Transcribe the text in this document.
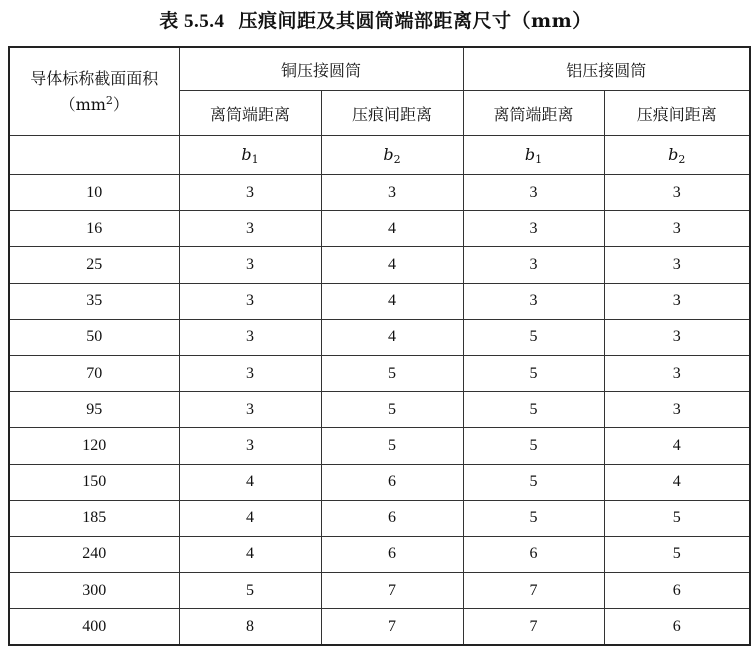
表 5.5.4 压痕间距及其圆筒端部距离尺寸（mm）
导体标称截面面积
$(mm^2)$	铜压接圆筒		铝压接圆筒	
	离筒端距离	压痕间距离	离筒端距离	压痕间距离
	$b_1$	$b_2$	$b_1$	$b_2$
10	3	3	3	3
16	3	4	3	3
25	3	4	3	3
35	3	4	3	3
50	3	4	5	3
70	3	5	5	3
95	3	5	5	3
120	3	5	5	4
150	4	6	5	4
185	4	6	5	5
240	4	6	6	5
300	5	7	7	6
400	8	7	7	6
